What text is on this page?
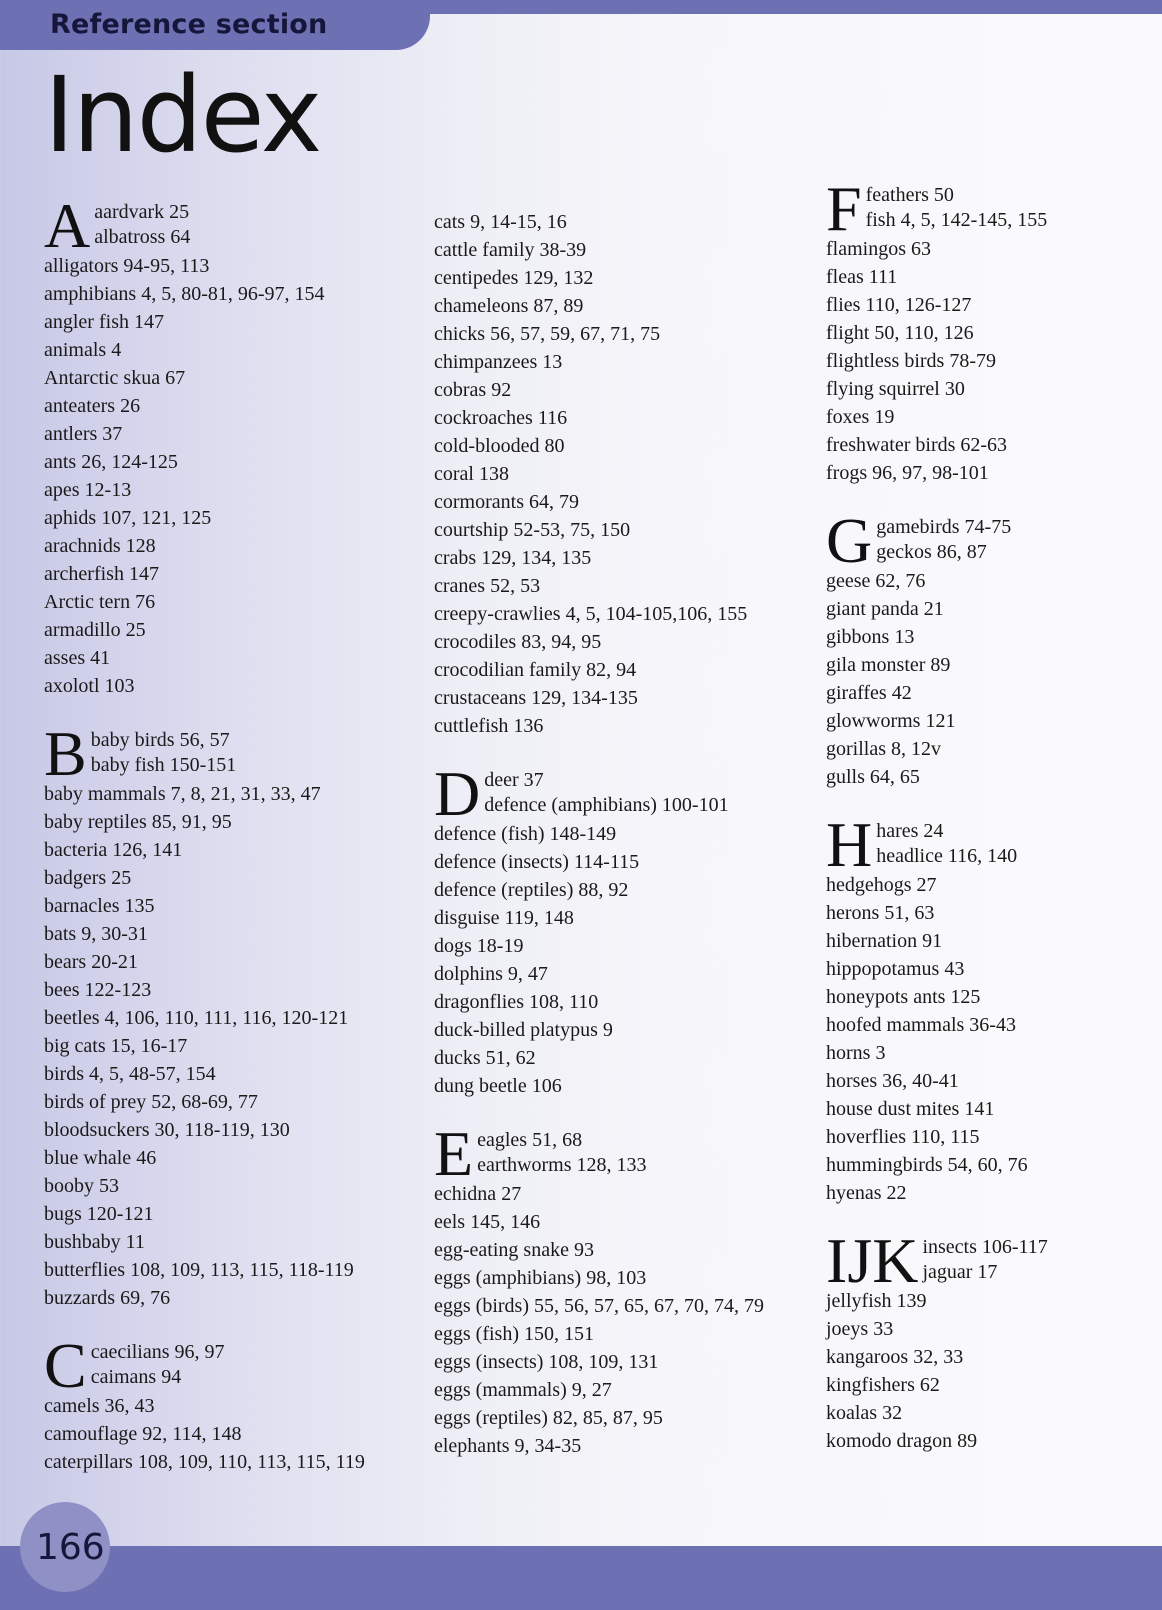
Reference section
Index
A aardvark 25
albatross 64
alligators 94-95, 113
amphibians 4, 5, 80-81, 96-97, 154
angler fish 147
animals 4
Antarctic skua 67
anteaters 26
antlers 37
ants 26, 124-125
apes 12-13
aphids 107, 121, 125
arachnids 128
archerfish 147
Arctic tern 76
armadillo 25
asses 41
axolotl 103
B baby birds 56, 57
baby fish 150-151
baby mammals 7, 8, 21, 31, 33, 47
baby reptiles 85, 91, 95
bacteria 126, 141
badgers 25
barnacles 135
bats 9, 30-31
bears 20-21
bees 122-123
beetles 4, 106, 110, 111, 116, 120-121
big cats 15, 16-17
birds 4, 5, 48-57, 154
birds of prey 52, 68-69, 77
bloodsuckers 30, 118-119, 130
blue whale 46
booby 53
bugs 120-121
bushbaby 11
butterflies 108, 109, 113, 115, 118-119
buzzards 69, 76
C caecilians 96, 97
caimans 94
camels 36, 43
camouflage 92, 114, 148
caterpillars 108, 109, 110, 113, 115, 119
cats 9, 14-15, 16
cattle family 38-39
centipedes 129, 132
chameleons 87, 89
chicks 56, 57, 59, 67, 71, 75
chimpanzees 13
cobras 92
cockroaches 116
cold-blooded 80
coral 138
cormorants 64, 79
courtship 52-53, 75, 150
crabs 129, 134, 135
cranes 52, 53
creepy-crawlies 4, 5, 104-105,106, 155
crocodiles 83, 94, 95
crocodilian family 82, 94
crustaceans 129, 134-135
cuttlefish 136
D deer 37
defence (amphibians) 100-101
defence (fish) 148-149
defence (insects) 114-115
defence (reptiles) 88, 92
disguise 119, 148
dogs 18-19
dolphins 9, 47
dragonflies 108, 110
duck-billed platypus 9
ducks 51, 62
dung beetle 106
E eagles 51, 68
earthworms 128, 133
echidna 27
eels 145, 146
egg-eating snake 93
eggs (amphibians) 98, 103
eggs (birds) 55, 56, 57, 65, 67, 70, 74, 79
eggs (fish) 150, 151
eggs (insects) 108, 109, 131
eggs (mammals) 9, 27
eggs (reptiles) 82, 85, 87, 95
elephants 9, 34-35
F feathers 50
fish 4, 5, 142-145, 155
flamingos 63
fleas 111
flies 110, 126-127
flight 50, 110, 126
flightless birds 78-79
flying squirrel 30
foxes 19
freshwater birds 62-63
frogs 96, 97, 98-101
G gamebirds 74-75
geckos 86, 87
geese 62, 76
giant panda 21
gibbons 13
gila monster 89
giraffes 42
glowworms 121
gorillas 8, 12v
gulls 64, 65
H hares 24
headlice 116, 140
hedgehogs 27
herons 51, 63
hibernation 91
hippopotamus 43
honeypots ants 125
hoofed mammals 36-43
horns 3
horses 36, 40-41
house dust mites 141
hoverflies 110, 115
hummingbirds 54, 60, 76
hyenas 22
IJK insects 106-117
jaguar 17
jellyfish 139
joeys 33
kangaroos 32, 33
kingfishers 62
koalas 32
komodo dragon 89
166
